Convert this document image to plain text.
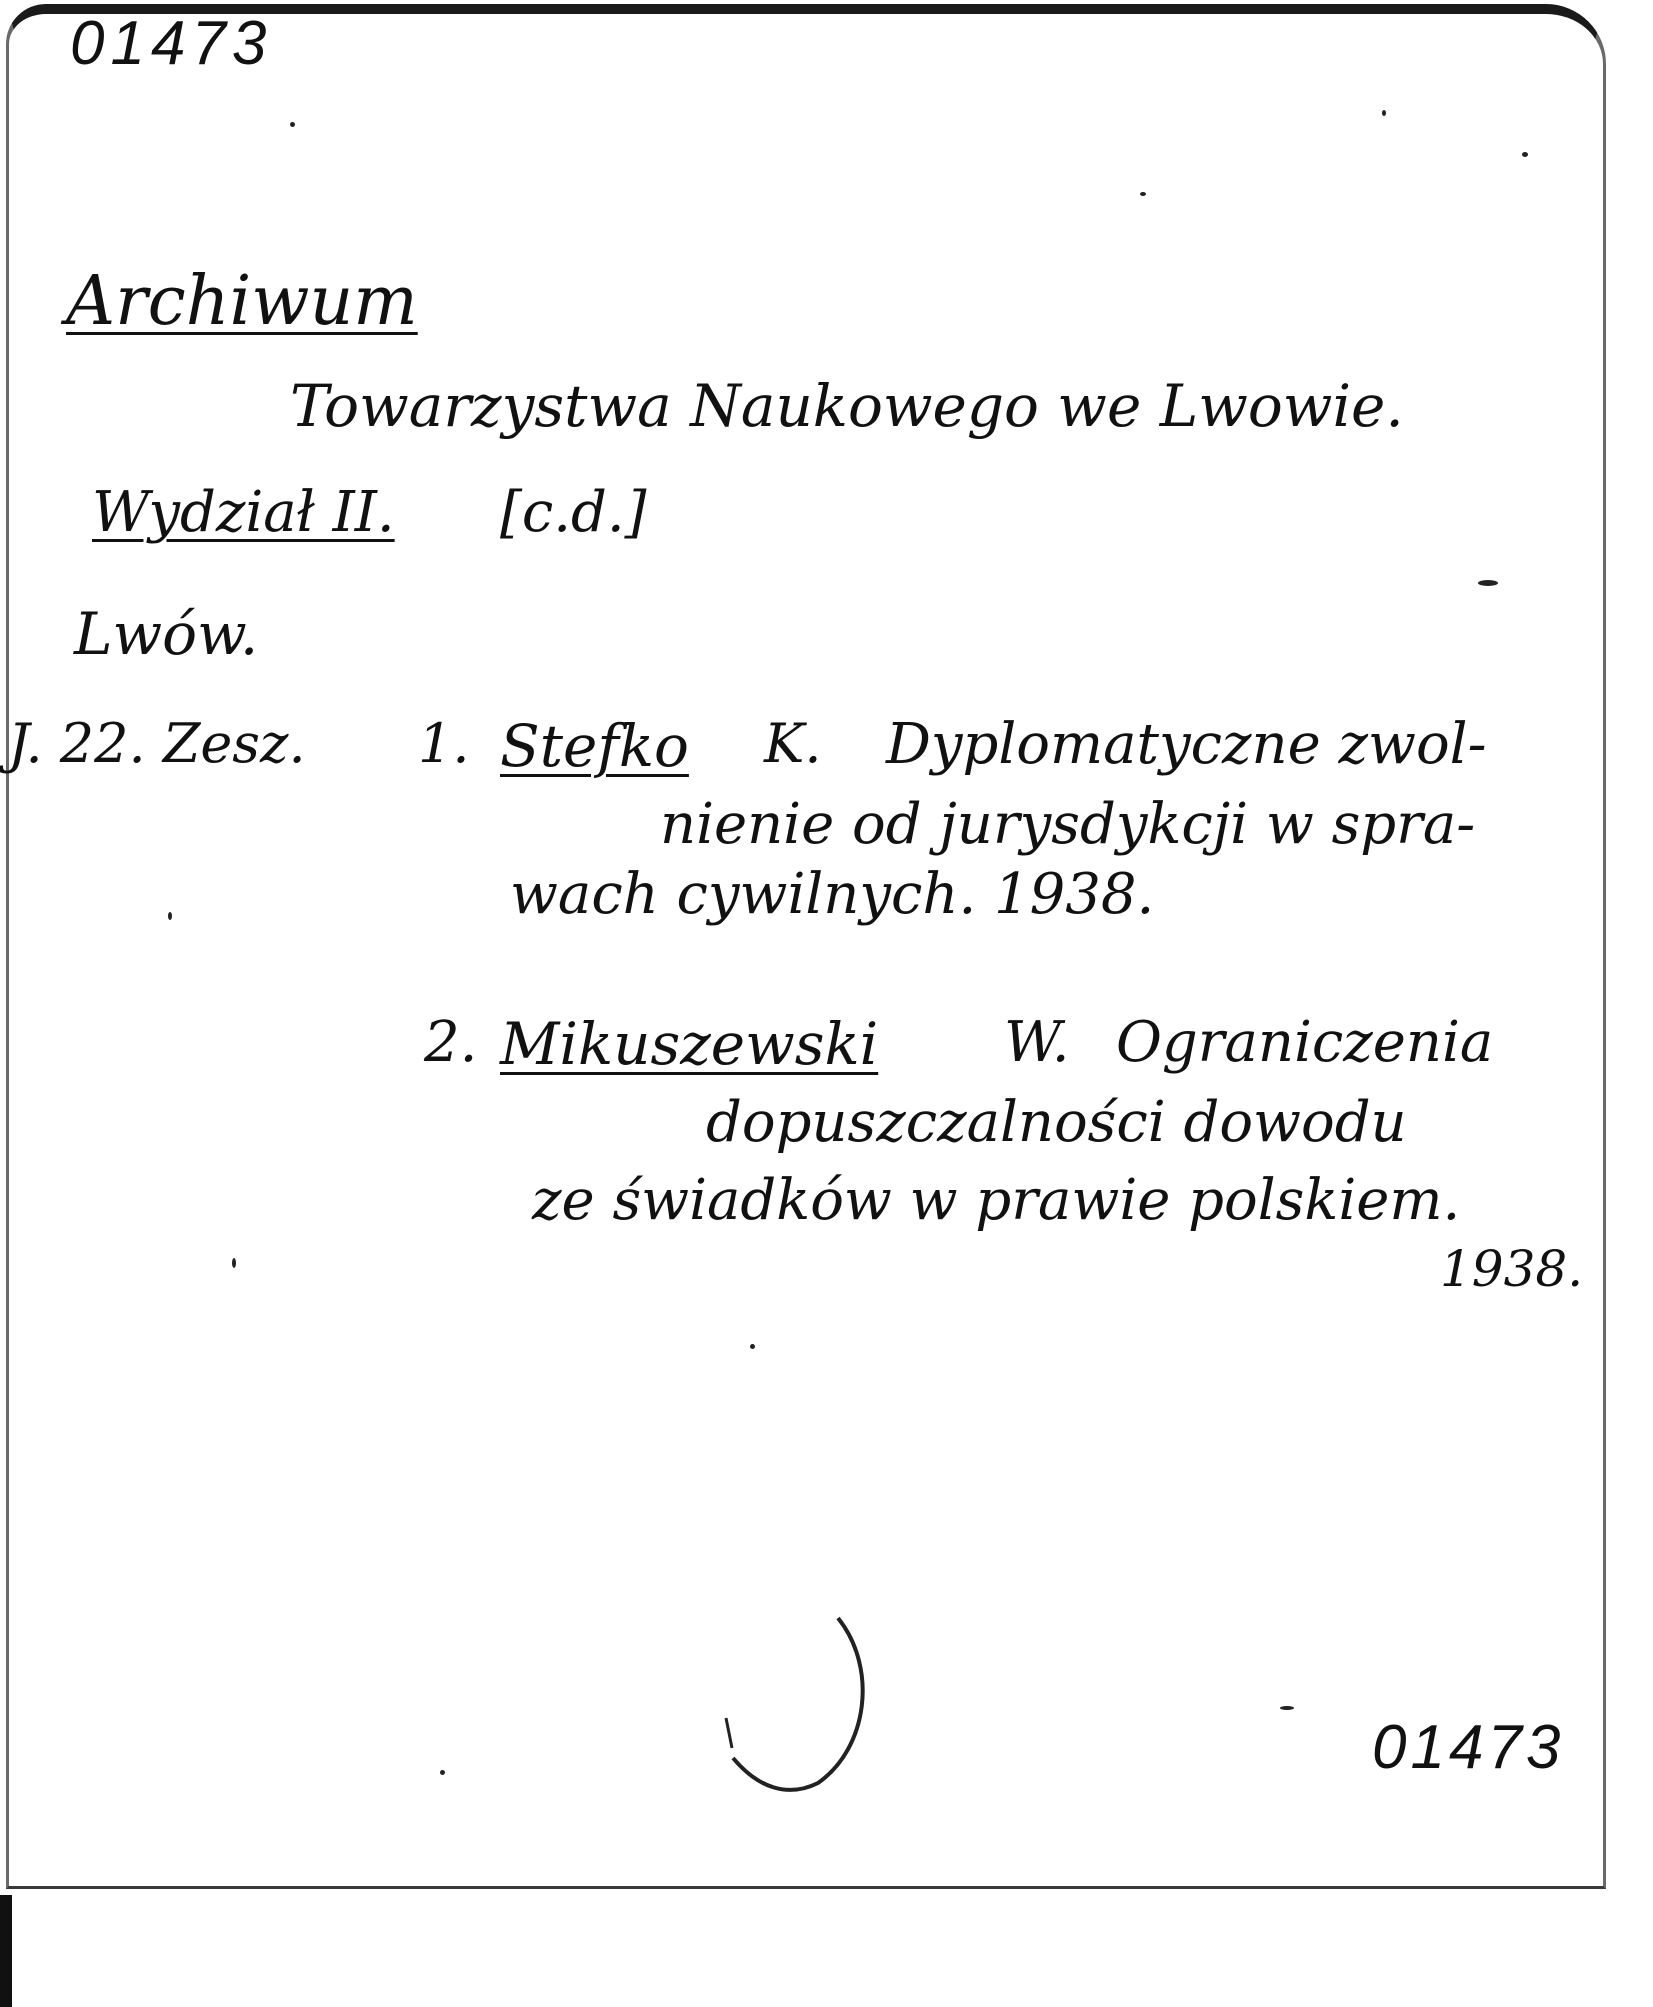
01473
Archiwum
Towarzystwa Naukowego we Lwowie.
Wydział II. [c.d.]
Lwów.
J. 22. Zesz. 1. Stefko K. Dyplomatyczne zwol-
nienie od jurysdykcji w spra-
wach cywilnych. 1938.
2. Mikuszewski W. Ograniczenia
dopuszczalności dowodu
ze świadków w prawie polskiem.
1938.
01473
